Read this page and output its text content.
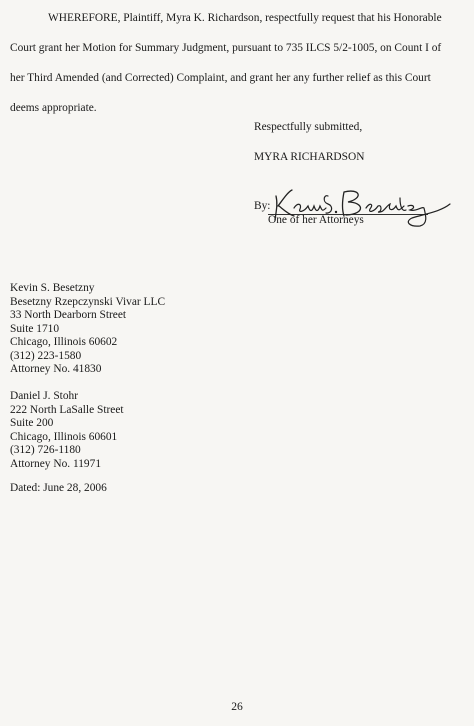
WHEREFORE, Plaintiff, Myra K. Richardson, respectfully request that his Honorable
Court grant her Motion for Summary Judgment, pursuant to 735 ILCS 5/2-1005, on Count I of
her Third Amended (and Corrected) Complaint, and grant her any further relief as this Court
deems appropriate.
Respectfully submitted,
MYRA RICHARDSON
By:
One of her Attorneys
Kevin S. Besetzny
Besetzny Rzepczynski Vivar LLC
33 North Dearborn Street
Suite 1710
Chicago, Illinois 60602
(312) 223-1580
Attorney No. 41830
Daniel J. Stohr
222 North LaSalle Street
Suite 200
Chicago, Illinois 60601
(312) 726-1180
Attorney No. 11971
Dated: June 28, 2006
26
